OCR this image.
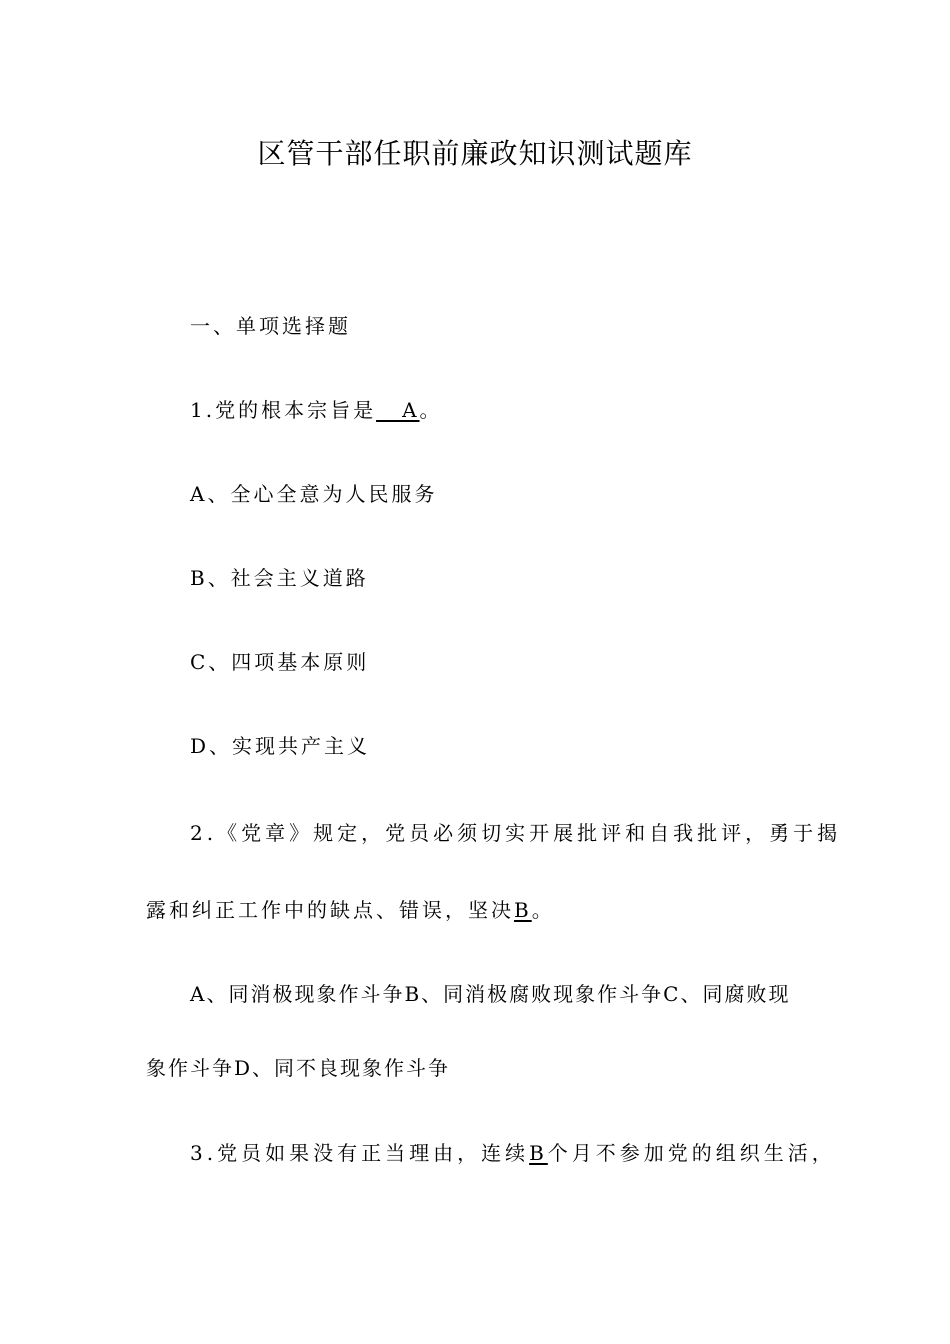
区管干部任职前廉政知识测试题库
一、单项选择题
1.党的根本宗旨是__A。
A、全心全意为人民服务
B、社会主义道路
C、四项基本原则
D、实现共产主义
2.《党章》规定，党员必须切实开展批评和自我批评，勇于揭
露和纠正工作中的缺点、错误，坚决B。
A、同消极现象作斗争B、同消极腐败现象作斗争C、同腐败现
象作斗争D、同不良现象作斗争
3.党员如果没有正当理由，连续B个月不参加党的组织生活，
